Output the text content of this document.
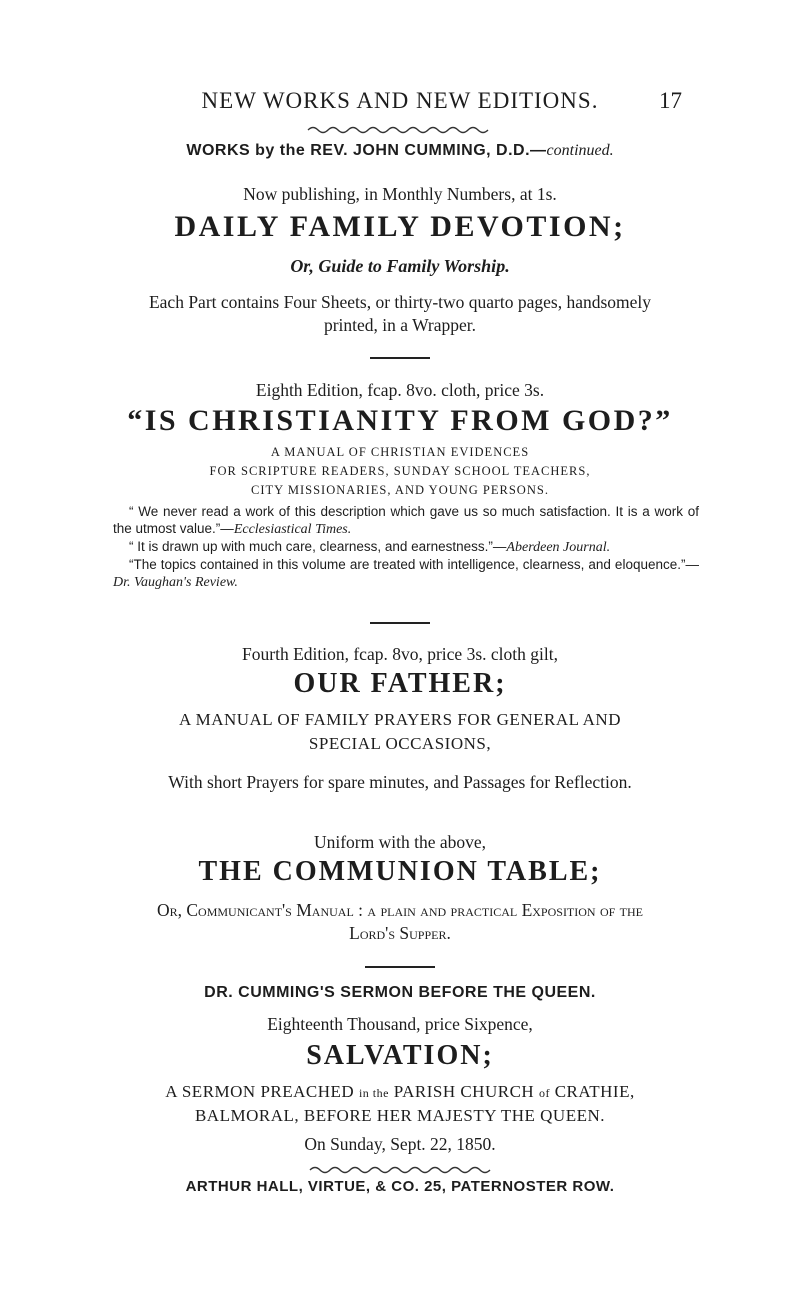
NEW WORKS AND NEW EDITIONS.	17
WORKS by the REV. JOHN CUMMING, D.D.—continued.
Now publishing, in Monthly Numbers, at 1s.
DAILY FAMILY DEVOTION;
Or, Guide to Family Worship.
Each Part contains Four Sheets, or thirty-two quarto pages, handsomely
printed, in a Wrapper.
Eighth Edition, fcap. 8vo. cloth, price 3s.
“IS CHRISTIANITY FROM GOD?”
A MANUAL OF CHRISTIAN EVIDENCES
FOR SCRIPTURE READERS, SUNDAY SCHOOL TEACHERS,
CITY MISSIONARIES, AND YOUNG PERSONS.

“ We never read a work of this description which gave us so much satisfaction. It is a work of the utmost value.”—Ecclesiastical Times.

“ It is drawn up with much care, clearness, and earnestness.”—Aberdeen Journal.

“The topics contained in this volume are treated with intelligence, clearness, and eloquence.”—Dr. Vaughan's Review.

Fourth Edition, fcap. 8vo, price 3s. cloth gilt,
OUR FATHER;
A MANUAL OF FAMILY PRAYERS FOR GENERAL AND
SPECIAL OCCASIONS,
With short Prayers for spare minutes, and Passages for Reflection.
Uniform with the above,
THE COMMUNION TABLE;
Or, Communicant's Manual : a plain and practical Exposition of the
Lord's Supper.
DR. CUMMING'S SERMON BEFORE THE QUEEN.
Eighteenth Thousand, price Sixpence,
SALVATION;
A SERMON PREACHED in the PARISH CHURCH of CRATHIE,
BALMORAL, BEFORE HER MAJESTY THE QUEEN.
On Sunday, Sept. 22, 1850.
ARTHUR HALL, VIRTUE, & CO. 25, PATERNOSTER ROW.
